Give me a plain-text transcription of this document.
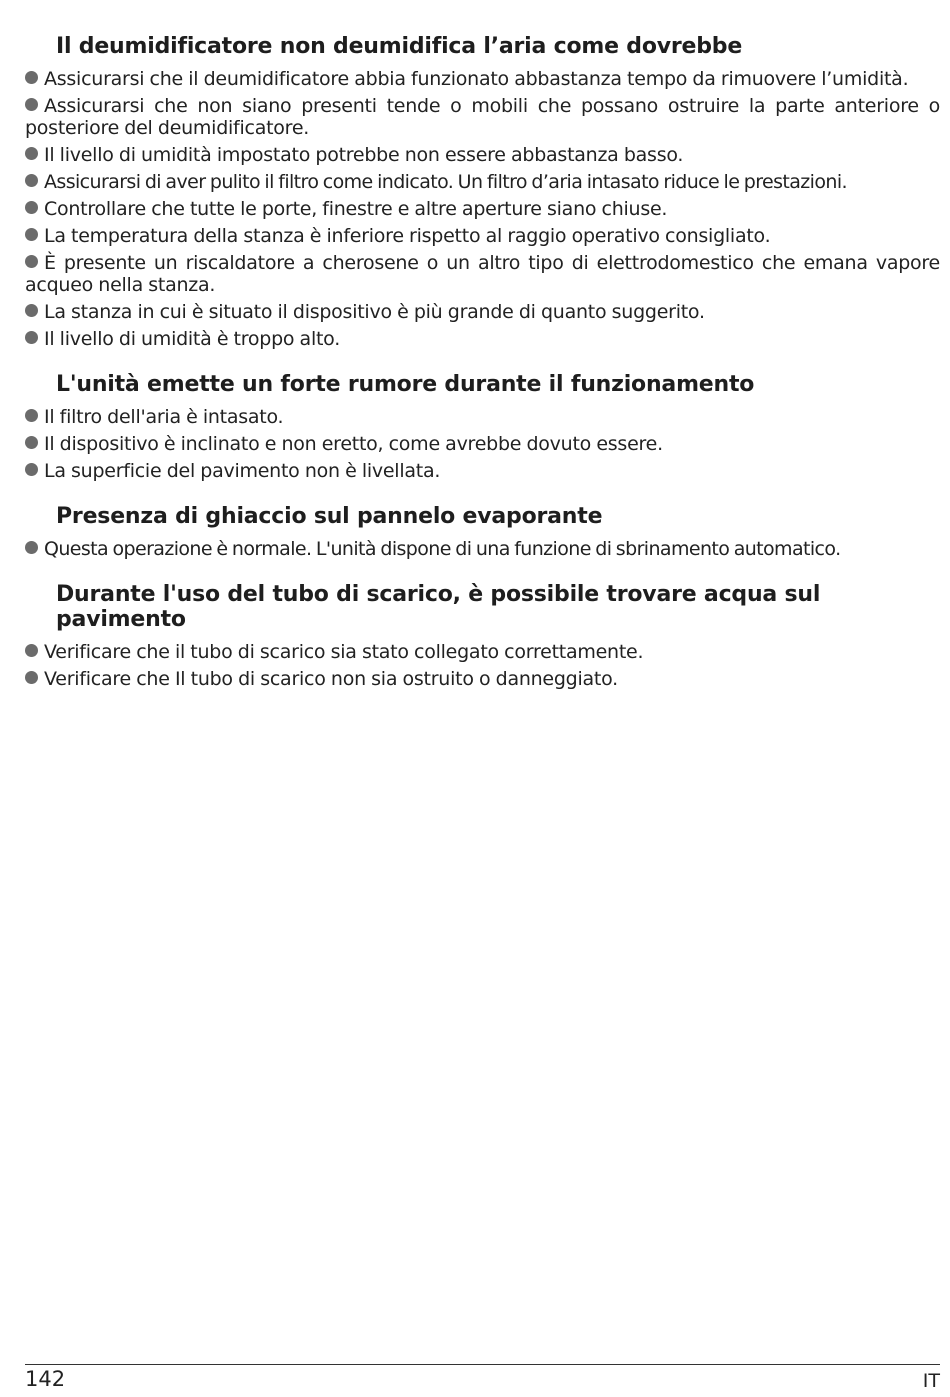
Il deumidificatore non deumidifica l’aria come dovrebbe
Assicurarsi che il deumidificatore abbia funzionato abbastanza tempo da rimuovere l’umidità.
Assicurarsi che non siano presenti tende o mobili che possano ostruire la parte anteriore o posteriore del deumidificatore.
Il livello di umidità impostato potrebbe non essere abbastanza basso.
Assicurarsi di aver pulito il filtro come indicato. Un filtro d’aria intasato riduce le prestazioni.
Controllare che tutte le porte, finestre e altre aperture siano chiuse.
La temperatura della stanza è inferiore rispetto al raggio operativo consigliato.
È presente un riscaldatore a cherosene o un altro tipo di elettrodomestico che emana vapore acqueo nella stanza.
La stanza in cui è situato il dispositivo è più grande di quanto suggerito.
Il livello di umidità è troppo alto.
L'unità emette un forte rumore durante il funzionamento
Il filtro dell'aria è intasato.
Il dispositivo è inclinato e non eretto, come avrebbe dovuto essere.
La superficie del pavimento non è livellata.
Presenza di ghiaccio sul pannelo evaporante
Questa operazione è normale. L'unità dispone di una funzione di sbrinamento automatico.
Durante l'uso del tubo di scarico, è possibile trovare acqua sul pavimento
Verificare che il tubo di scarico sia stato collegato correttamente.
Verificare che Il tubo di scarico non sia ostruito o danneggiato.
142	IT
